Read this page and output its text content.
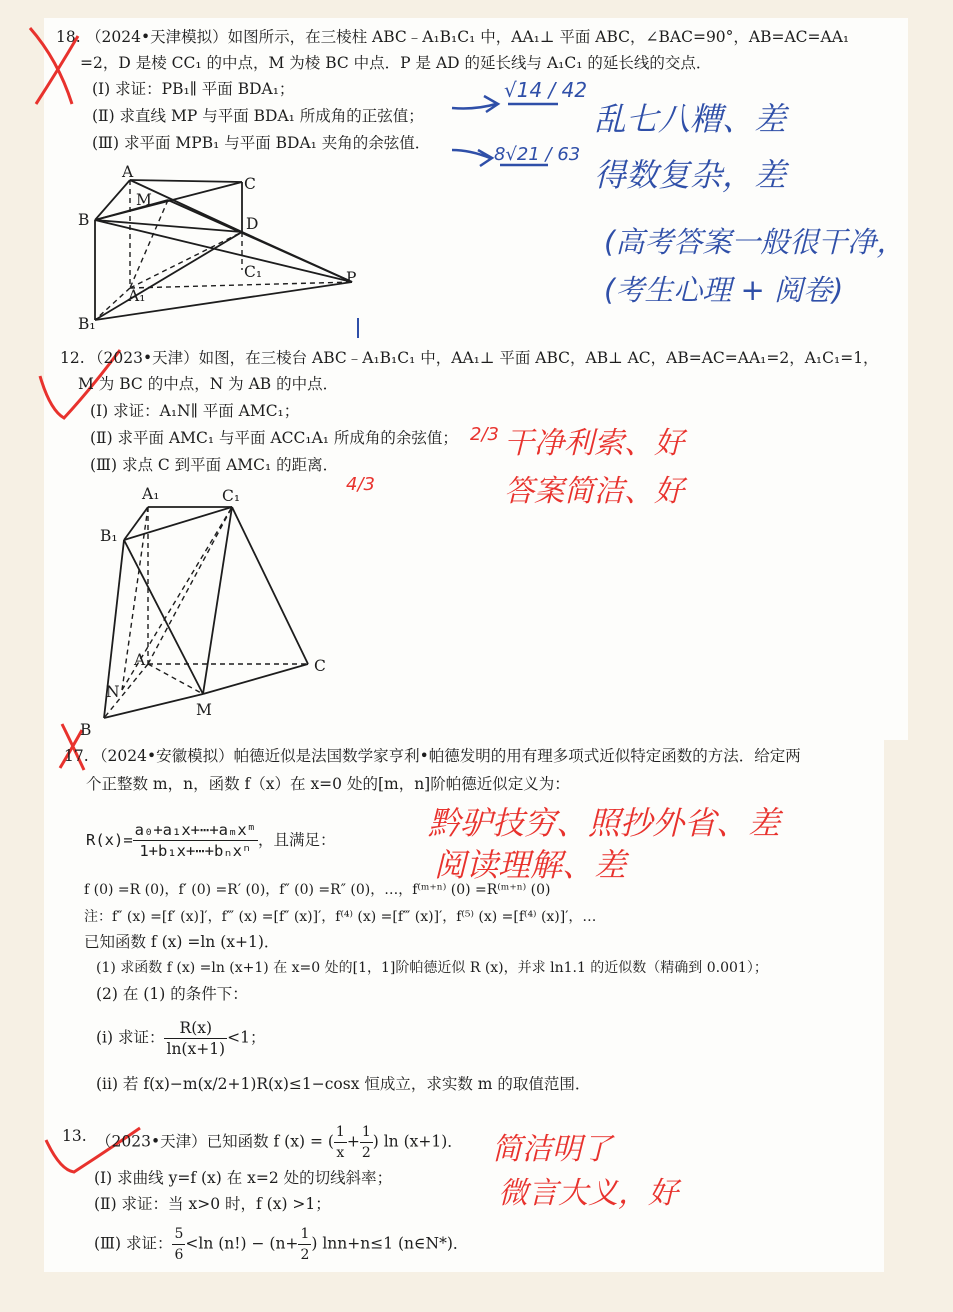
18. （2024•天津模拟）如图所示，在三棱柱 ABC﹣A₁B₁C₁ 中，AA₁⊥ 平面 ABC，∠BAC=90°，AB=AC=AA₁
=2，D 是棱 CC₁ 的中点，M 为棱 BC 中点．P 是 AD 的延长线与 A₁C₁ 的延长线的交点．
(Ⅰ) 求证：PB₁∥ 平面 BDA₁；
(Ⅱ) 求直线 MP 与平面 BDA₁ 所成角的正弦值；
(Ⅲ) 求平面 MPB₁ 与平面 BDA₁ 夹角的余弦值．
A
M
C
B	D
C₁
A₁
B₁
P
√14 / 42
8√21 / 63
乱七八糟、差
得数复杂，差
(高考答案一般很干净，
(考生心理 + 阅卷)
12. （2023•天津）如图，在三棱台 ABC﹣A₁B₁C₁ 中，AA₁⊥ 平面 ABC，AB⊥ AC，AB=AC=AA₁=2，A₁C₁=1，
M 为 BC 的中点，N 为 AB 的中点．
(Ⅰ) 求证：A₁N∥ 平面 AMC₁；
(Ⅱ) 求平面 AMC₁ 与平面 ACC₁A₁ 所成角的余弦值；
(Ⅲ) 求点 C 到平面 AMC₁ 的距离．
A₁	C₁
B₁
A	C
N
B
M
2/3
4/3
干净利索、好
答案简洁、好
17. （2024•安徽模拟）帕德近似是法国数学家亨利•帕德发明的用有理多项式近似特定函数的方法．给定两
个正整数 m，n，函数 f（x）在 x=0 处的[m，n]阶帕德近似定义为：
$R(x)= \frac{\text{a₀+a₁x+⋯+aₘxᵐ}}{\text{1+b₁x+⋯+bₙxⁿ}}$ ，且满足：
f (0) =R (0)，f′ (0) =R′ (0)，f″ (0) =R″ (0)，…，f⁽ᵐ⁺ⁿ⁾ (0) =R⁽ᵐ⁺ⁿ⁾ (0)
注：f″ (x) =[f′ (x)]′，f‴ (x) =[f″ (x)]′，f⁽⁴⁾ (x) =[f‴ (x)]′，f⁽⁵⁾ (x) =[f⁽⁴⁾ (x)]′，…
已知函数 f (x) =ln (x+1)．
(1) 求函数 f (x) =ln (x+1) 在 x=0 处的[1，1]阶帕德近似 R (x)，并求 ln1.1 的近似数（精确到 0.001）；
(2) 在 (1) 的条件下：
(i) 求证： $\frac{R(x)}{\ln(x+1)} <1$；
(ii) 若 f(x)−m(x/2+1)R(x)≤1−cosx 恒成立，求实数 m 的取值范围．
黔驴技穷、照抄外省、差
阅读理解、差
13. （2023•天津）已知函数 f (x) = ( $\frac{1}{x} + \frac{1}{2}$ ) ln (x+1)．
(Ⅰ) 求曲线 y=f (x) 在 x=2 处的切线斜率；
(Ⅱ) 求证：当 x>0 时，f (x) >1；
(Ⅲ) 求证： $\frac{5}{6} <\ln$ $(n!) - (n+ \frac{1}{2}$ ) lnn+n≤1 (n∈N*)．
简洁明了
微言大义，好
